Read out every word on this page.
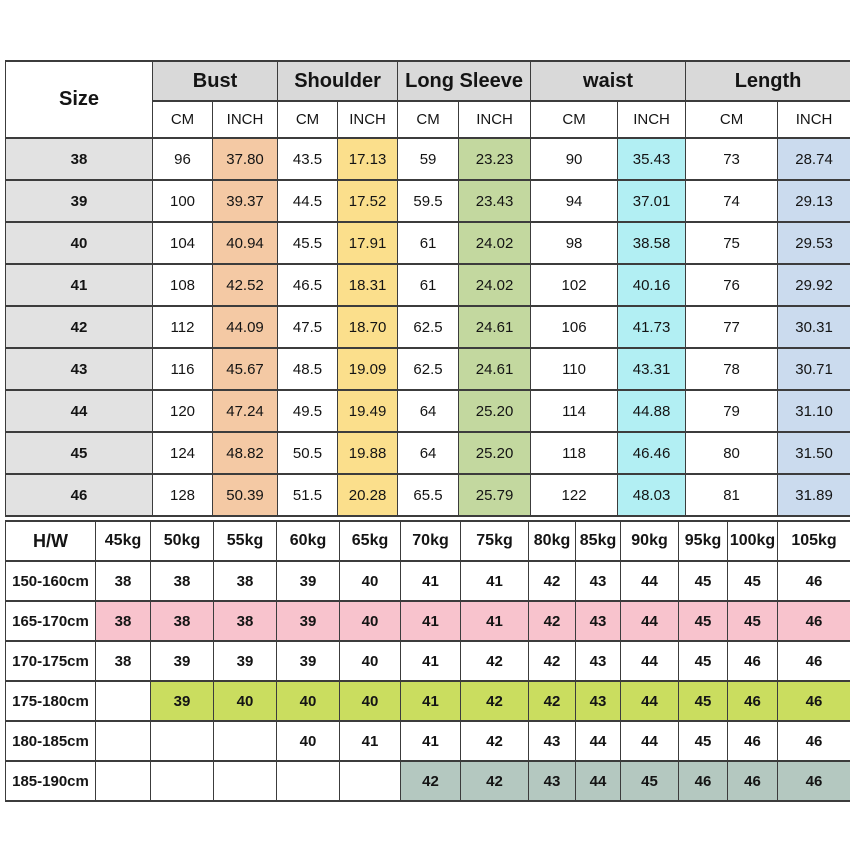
Size	Bust		Shoulder		Long Sleeve		waist		Length	
	CM	INCH	CM	INCH	CM	INCH	CM	INCH	CM	INCH
38	96	37.80	43.5	17.13	59	23.23	90	35.43	73	28.74
39	100	39.37	44.5	17.52	59.5	23.43	94	37.01	74	29.13
40	104	40.94	45.5	17.91	61	24.02	98	38.58	75	29.53
41	108	42.52	46.5	18.31	61	24.02	102	40.16	76	29.92
42	112	44.09	47.5	18.70	62.5	24.61	106	41.73	77	30.31
43	116	45.67	48.5	19.09	62.5	24.61	110	43.31	78	30.71
44	120	47.24	49.5	19.49	64	25.20	114	44.88	79	31.10
45	124	48.82	50.5	19.88	64	25.20	118	46.46	80	31.50
46	128	50.39	51.5	20.28	65.5	25.79	122	48.03	81	31.89
H/W	45kg	50kg	55kg	60kg	65kg	70kg	75kg	80kg	85kg	90kg	95kg	100kg	105kg
150-160cm	38	38	38	39	40	41	41	42	43	44	45	45	46
165-170cm	38	38	38	39	40	41	41	42	43	44	45	45	46
170-175cm	38	39	39	39	40	41	42	42	43	44	45	46	46
175-180cm		39	40	40	40	41	42	42	43	44	45	46	46
180-185cm				40	41	41	42	43	44	44	45	46	46
185-190cm						42	42	43	44	45	46	46	46
